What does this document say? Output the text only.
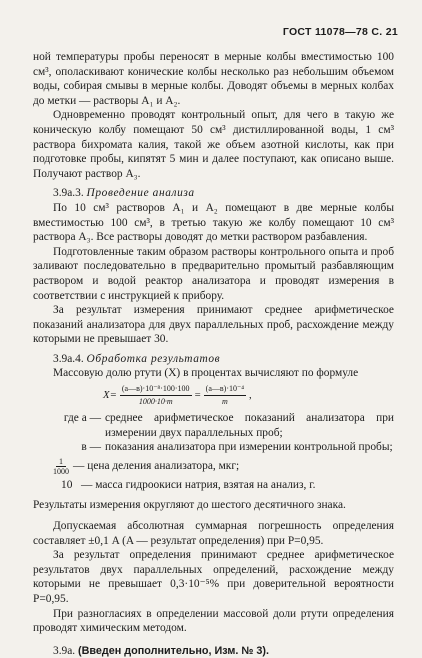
ГОСТ 11078—78 С. 21

ной температуры пробы переносят в мерные колбы вместимостью 100 см³, ополаскивают конические колбы несколько раз небольшим объемом воды, собирая смывы в мерные колбы. Доводят объемы в мерных колбах до метки — растворы A₁ и A₂.

Одновременно проводят контрольный опыт, для чего в такую же коническую колбу помещают 50 см³ дистиллированной воды, 1 см³ раствора бихромата калия, такой же объем азотной кислоты, как при подготовке пробы, кипятят 5 мин и далее поступают, как описано выше. Получают раствор A₃.

3.9а.3. Проведение анализа

По 10 см³ растворов A₁ и A₂ помещают в две мерные колбы вместимостью 100 см³, в третью такую же колбу помещают 10 см³ раствора A₃. Все растворы доводят до метки раствором разбавления.

Подготовленные таким образом растворы контрольного опыта и проб заливают последовательно в предварительно промытый разбавляющим раствором и водой реактор анализатора и проводят измерения в соответствии с инструкцией к прибору.

За результат измерения принимают среднее арифметическое показаний анализатора для двух параллельных проб, расхождение между которыми не превышает 30.

3.9а.4. Обработка результатов

Массовую долю ртути (X) в процентах вычисляют по формуле

$X= \frac{\text{(a—в)·10⁻⁸·100·100}}{1000\cdot 10\cdot m} = \frac{\text{(a—в)·10⁻⁴}}{m}$ ,
где a — среднее арифметическое показаний анализатора при измерении двух параллельных проб;
в — показания анализатора при измерении контрольной пробы;
$\frac{1}{1000}$ — цена деления анализатора, мкг;
10 — масса гидроокиси натрия, взятая на анализ, г.

Результаты измерения округляют до шестого десятичного знака.

Допускаемая абсолютная суммарная погрешность определения составляет ±0,1 A (A — результат определения) при P=0,95.

За результат определения принимают среднее арифметическое результатов двух параллельных определений, расхождение между которыми не превышает 0,3·10⁻⁵% при доверительной вероятности P=0,95.

При разногласиях в определении массовой доли ртути определения проводят химическим методом.

3.9а. (Введен дополнительно, Изм. № 3).
